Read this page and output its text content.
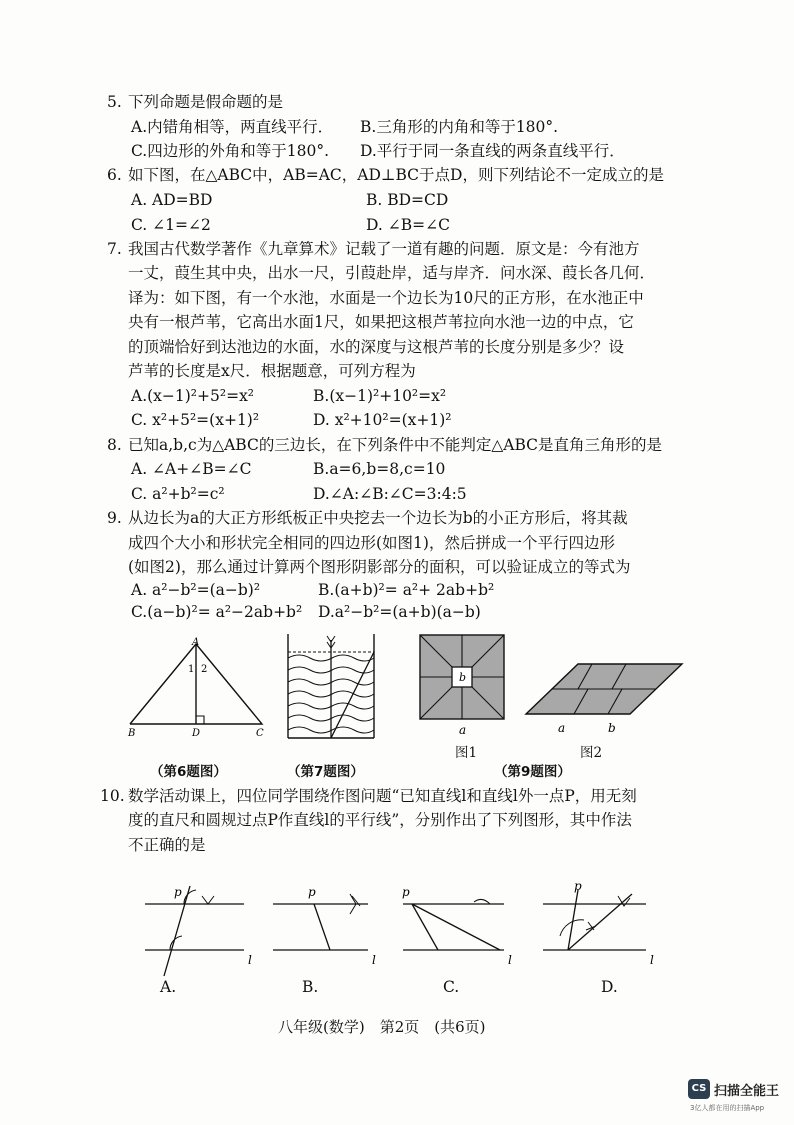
5. 下列命题是假命题的是
A.内错角相等，两直线平行． B.三角形的内角和等于180°.
C.四边形的外角和等于180°. D.平行于同一条直线的两条直线平行．
6. 如下图，在△ABC中，AB=AC，AD⊥BC于点D，则下列结论不一定成立的是
A. AD=BD	B. BD=CD
C. ∠1=∠2	D. ∠B=∠C
7. 我国古代数学著作《九章算术》记载了一道有趣的问题．原文是：今有池方
一丈，葭生其中央，出水一尺，引葭赴岸，适与岸齐．问水深、葭长各几何．
译为：如下图，有一个水池，水面是一个边长为10尺的正方形，在水池正中
央有一根芦苇，它高出水面1尺，如果把这根芦苇拉向水池一边的中点，它
的顶端恰好到达池边的水面，水的深度与这根芦苇的长度分别是多少？设
芦苇的长度是x尺．根据题意，可列方程为
A.(x−1)²+5²=x²	B.(x−1)²+10²=x²
C. x²+5²=(x+1)²	D. x²+10²=(x+1)²
8. 已知a,b,c为△ABC的三边长，在下列条件中不能判定△ABC是直角三角形的是
A. ∠A+∠B=∠C	B.a=6,b=8,c=10
C. a²+b²=c²	D.∠A:∠B:∠C=3:4:5
9. 从边长为a的大正方形纸板正中央挖去一个边长为b的小正方形后，将其裁
成四个大小和形状完全相同的四边形(如图1)，然后拼成一个平行四边形
(如图2)，那么通过计算两个图形阴影部分的面积，可以验证成立的等式为
A. a²−b²=(a−b)²	B.(a+b)²= a²+ 2ab+b²
C.(a−b)²= a²−2ab+b² D.a²−b²=(a+b)(a−b)
A
1 2
B	D	C
（第6题图）	（第7题图）
b
a
图1
a	b
图2
（第9题图）
10. 数学活动课上，四位同学围绕作图问题“已知直线l和直线l外一点P，用无刻
度的直尺和圆规过点P作直线l的平行线”，分别作出了下列图形，其中作法
不正确的是
p
l
A.
p
l
B.
p
l
C.
p
l
D.
八年级(数学)　第2页　(共6页)
CS 扫描全能王
3亿人都在用的扫描App
